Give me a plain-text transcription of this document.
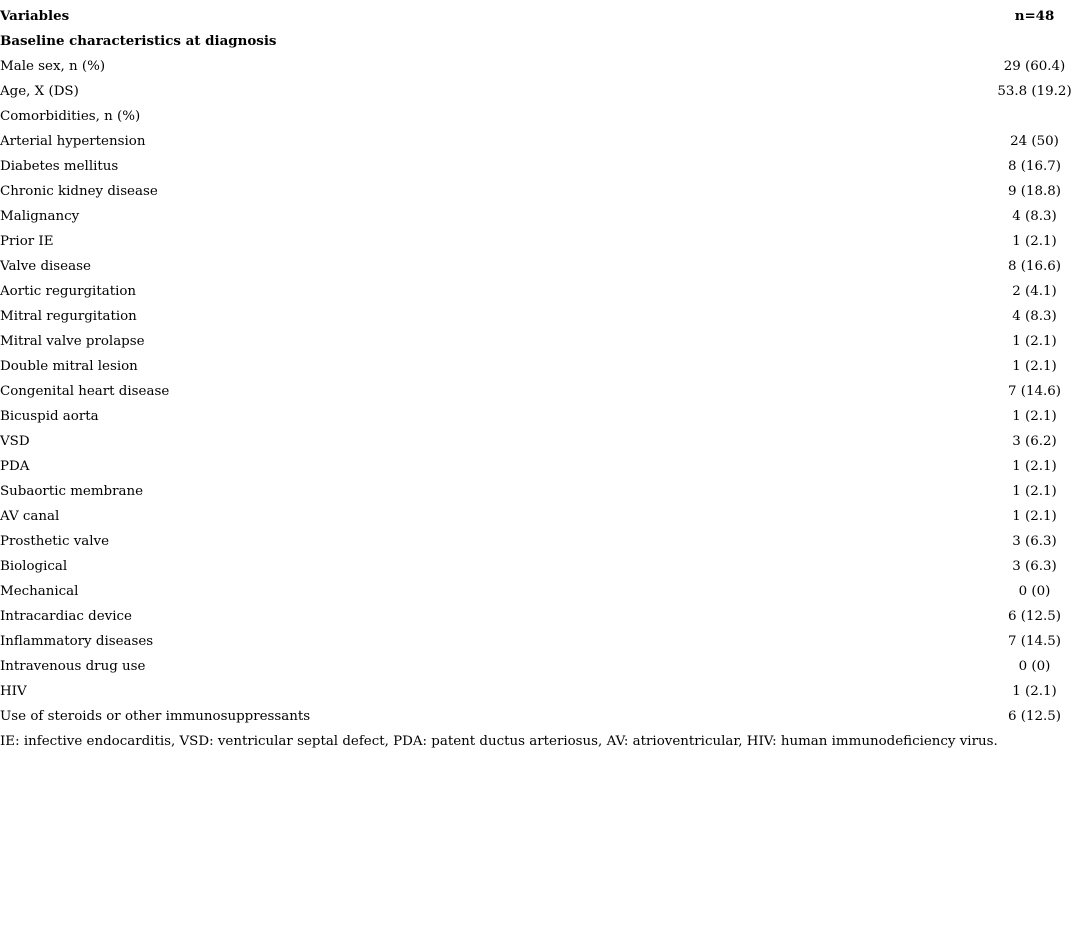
Variables	n=48
Baseline characteristics at diagnosis	
Male sex, n (%)	29 (60.4)
Age, X (DS)	53.8 (19.2)
Comorbidities, n (%)	
Arterial hypertension	24 (50)
Diabetes mellitus	8 (16.7)
Chronic kidney disease	9 (18.8)
Malignancy	4 (8.3)
Prior IE	1 (2.1)
Valve disease	8 (16.6)
Aortic regurgitation	2 (4.1)
Mitral regurgitation	4 (8.3)
Mitral valve prolapse	1 (2.1)
Double mitral lesion	1 (2.1)
Congenital heart disease	7 (14.6)
Bicuspid aorta	1 (2.1)
VSD	3 (6.2)
PDA	1 (2.1)
Subaortic membrane	1 (2.1)
AV canal	1 (2.1)
Prosthetic valve	3 (6.3)
Biological	3 (6.3)
Mechanical	0 (0)
Intracardiac device	6 (12.5)
Inflammatory diseases	7 (14.5)
Intravenous drug use	0 (0)
HIV	1 (2.1)
Use of steroids or other immunosuppressants	6 (12.5)
IE: infective endocarditis, VSD: ventricular septal defect, PDA: patent ductus arteriosus, AV: atrioventricular, HIV: human immunodeficiency virus.	
